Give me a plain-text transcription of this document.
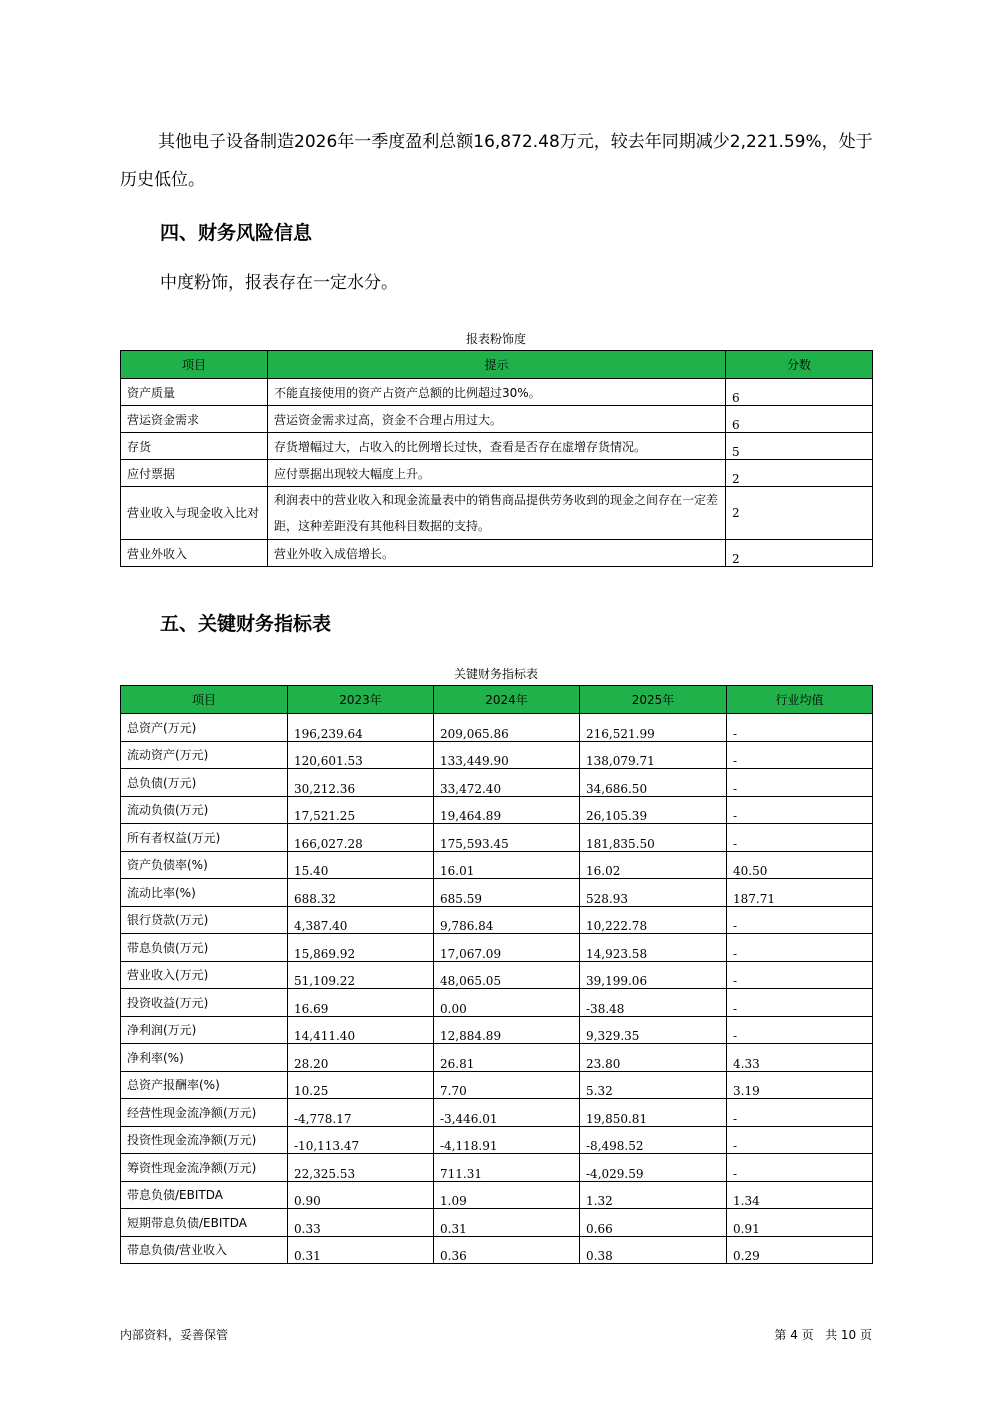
其他电子设备制造2026年一季度盈利总额16,872.48万元，较去年同期减少2,221.59%，处于
历史低位。
四、财务风险信息
中度粉饰，报表存在一定水分。
报表粉饰度
项目	提示	分数
资产质量	不能直接使用的资产占资产总额的比例超过30%。	6
营运资金需求	营运资金需求过高，资金不合理占用过大。	6
存货	存货增幅过大，占收入的比例增长过快，查看是否存在虚增存货情况。	5
应付票据	应付票据出现较大幅度上升。	2
营业收入与现金收入比对	利润表中的营业收入和现金流量表中的销售商品提供劳务收到的现金之间存在一定差距，这种差距没有其他科目数据的支持。	2
营业外收入	营业外收入成倍增长。	2
五、关键财务指标表
关键财务指标表
项目	2023年	2024年	2025年	行业均值
总资产(万元)	196,239.64	209,065.86	216,521.99	-
流动资产(万元)	120,601.53	133,449.90	138,079.71	-
总负债(万元)	30,212.36	33,472.40	34,686.50	-
流动负债(万元)	17,521.25	19,464.89	26,105.39	-
所有者权益(万元)	166,027.28	175,593.45	181,835.50	-
资产负债率(%)	15.40	16.01	16.02	40.50
流动比率(%)	688.32	685.59	528.93	187.71
银行贷款(万元)	4,387.40	9,786.84	10,222.78	-
带息负债(万元)	15,869.92	17,067.09	14,923.58	-
营业收入(万元)	51,109.22	48,065.05	39,199.06	-
投资收益(万元)	16.69	0.00	-38.48	-
净利润(万元)	14,411.40	12,884.89	9,329.35	-
净利率(%)	28.20	26.81	23.80	4.33
总资产报酬率(%)	10.25	7.70	5.32	3.19
经营性现金流净额(万元)	-4,778.17	-3,446.01	19,850.81	-
投资性现金流净额(万元)	-10,113.47	-4,118.91	-8,498.52	-
筹资性现金流净额(万元)	22,325.53	711.31	-4,029.59	-
带息负债/EBITDA	0.90	1.09	1.32	1.34
短期带息负债/EBITDA	0.33	0.31	0.66	0.91
带息负债/营业收入	0.31	0.36	0.38	0.29
内部资料，妥善保管	第 4 页   共 10 页
